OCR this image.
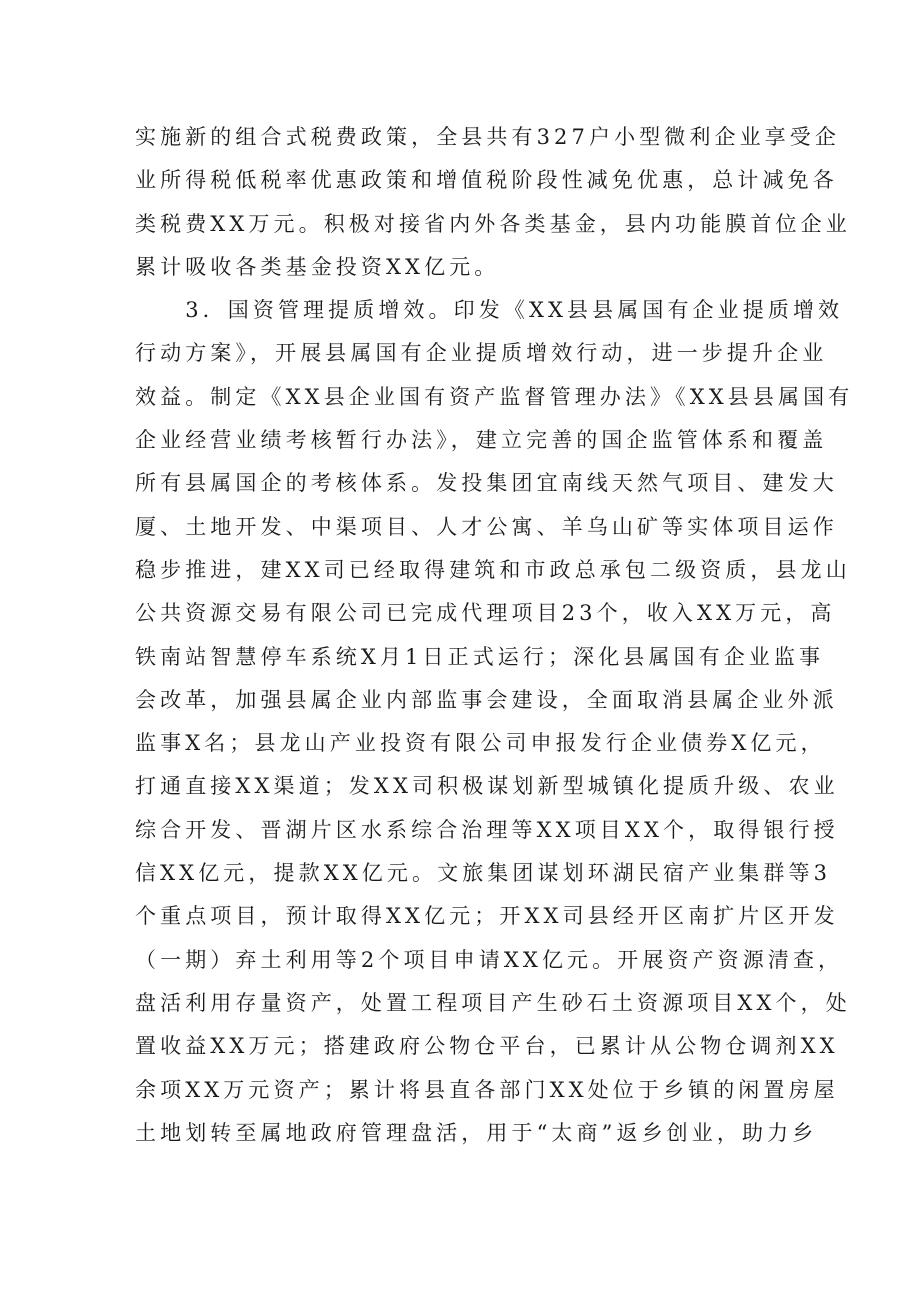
实施新的组合式税费政策，全县共有327户小型微利企业享受企
业所得税低税率优惠政策和增值税阶段性减免优惠，总计减免各
类税费XX万元。积极对接省内外各类基金，县内功能膜首位企业
累计吸收各类基金投资XX亿元。
　　3．国资管理提质增效。印发《XX县县属国有企业提质增效
行动方案》，开展县属国有企业提质增效行动，进一步提升企业
效益。制定《XX县企业国有资产监督管理办法》《XX县县属国有
企业经营业绩考核暂行办法》，建立完善的国企监管体系和覆盖
所有县属国企的考核体系。发投集团宜南线天然气项目、建发大
厦、土地开发、中渠项目、人才公寓、羊乌山矿等实体项目运作
稳步推进，建XX司已经取得建筑和市政总承包二级资质，县龙山
公共资源交易有限公司已完成代理项目23个，收入XX万元，高
铁南站智慧停车系统X月1日正式运行；深化县属国有企业监事
会改革，加强县属企业内部监事会建设，全面取消县属企业外派
监事X名；县龙山产业投资有限公司申报发行企业债券X亿元，
打通直接XX渠道；发XX司积极谋划新型城镇化提质升级、农业
综合开发、晋湖片区水系综合治理等XX项目XX个，取得银行授
信XX亿元，提款XX亿元。文旅集团谋划环湖民宿产业集群等3
个重点项目，预计取得XX亿元；开XX司县经开区南扩片区开发
（一期）弃土利用等2个项目申请XX亿元。开展资产资源清查，
盘活利用存量资产，处置工程项目产生砂石土资源项目XX个，处
置收益XX万元；搭建政府公物仓平台，已累计从公物仓调剂XX
余项XX万元资产；累计将县直各部门XX处位于乡镇的闲置房屋
土地划转至属地政府管理盘活，用于“太商”返乡创业，助力乡
